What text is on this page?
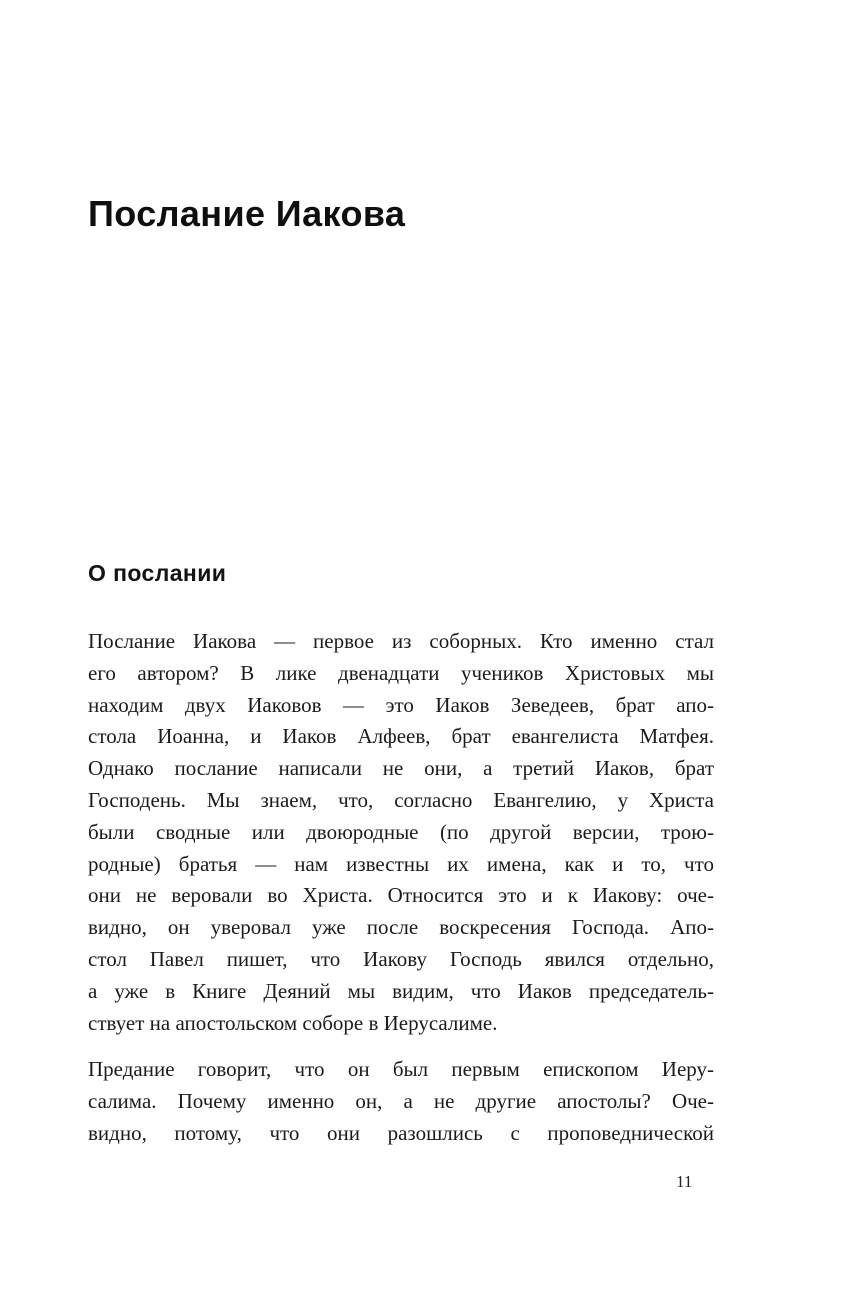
Послание Иакова
О послании
Послание Иакова — первое из соборных. Кто именно стал
его автором? В лике двенадцати учеников Христовых мы
находим двух Иаковов — это Иаков Зеведеев, брат апо-
стола Иоанна, и Иаков Алфеев, брат евангелиста Матфея.
Однако послание написали не они, а третий Иаков, брат
Господень. Мы знаем, что, согласно Евангелию, у Христа
были сводные или двоюродные (по другой версии, трою-
родные) братья — нам известны их имена, как и то, что
они не веровали во Христа. Относится это и к Иакову: оче-
видно, он уверовал уже после воскресения Господа. Апо-
стол Павел пишет, что Иакову Господь явился отдельно,
а уже в Книге Деяний мы видим, что Иаков председатель-
ствует на апостольском соборе в Иерусалиме.
Предание говорит, что он был первым епископом Иеру-
салима. Почему именно он, а не другие апостолы? Оче-
видно, потому, что они разошлись с проповеднической
11
